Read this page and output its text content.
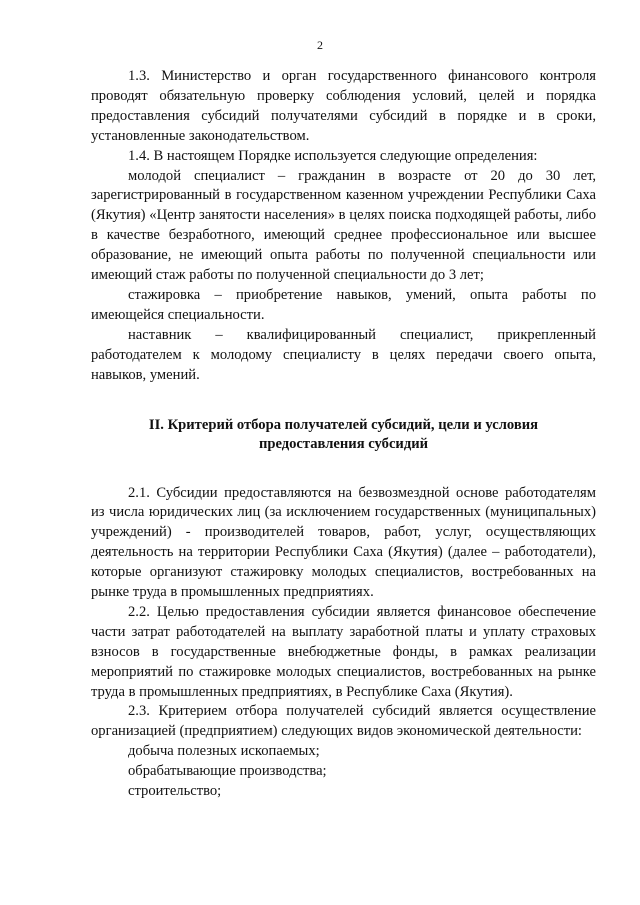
2

1.3. Министерство и орган государственного финансового контроля проводят обязательную проверку соблюдения условий, целей и порядка предоставления субсидий получателями субсидий в порядке и в сроки, установленные законодательством.

1.4. В настоящем Порядке используется следующие определения:

молодой специалист – гражданин в возрасте от 20 до 30 лет, зарегистрированный в государственном казенном учреждении Республики Саха (Якутия) «Центр занятости населения» в целях поиска подходящей работы, либо в качестве безработного, имеющий среднее профессиональное или высшее образование, не имеющий опыта работы по полученной специальности или имеющий стаж работы по полученной специальности до 3 лет;

стажировка – приобретение навыков, умений, опыта работы по имеющейся специальности.

наставник – квалифицированный специалист, прикрепленный работодателем к молодому специалисту в целях передачи своего опыта, навыков, умений.

II. Критерий отбора получателей субсидий, цели и условия
предоставления субсидий

2.1. Субсидии предоставляются на безвозмездной основе работодателям из числа юридических лиц (за исключением государственных (муниципальных) учреждений) - производителей товаров, работ, услуг, осуществляющих деятельность на территории Республики Саха (Якутия) (далее – работодатели), которые организуют стажировку молодых специалистов, востребованных на рынке труда в промышленных предприятиях.

2.2. Целью предоставления субсидии является финансовое обеспечение части затрат работодателей на выплату заработной платы и уплату страховых взносов в государственные внебюджетные фонды, в рамках реализации мероприятий по стажировке молодых специалистов, востребованных на рынке труда в промышленных предприятиях, в Республике Саха (Якутия).

2.3. Критерием отбора получателей субсидий является осуществление организацией (предприятием) следующих видов экономической деятельности:

добыча полезных ископаемых;

обрабатывающие производства;

строительство;
